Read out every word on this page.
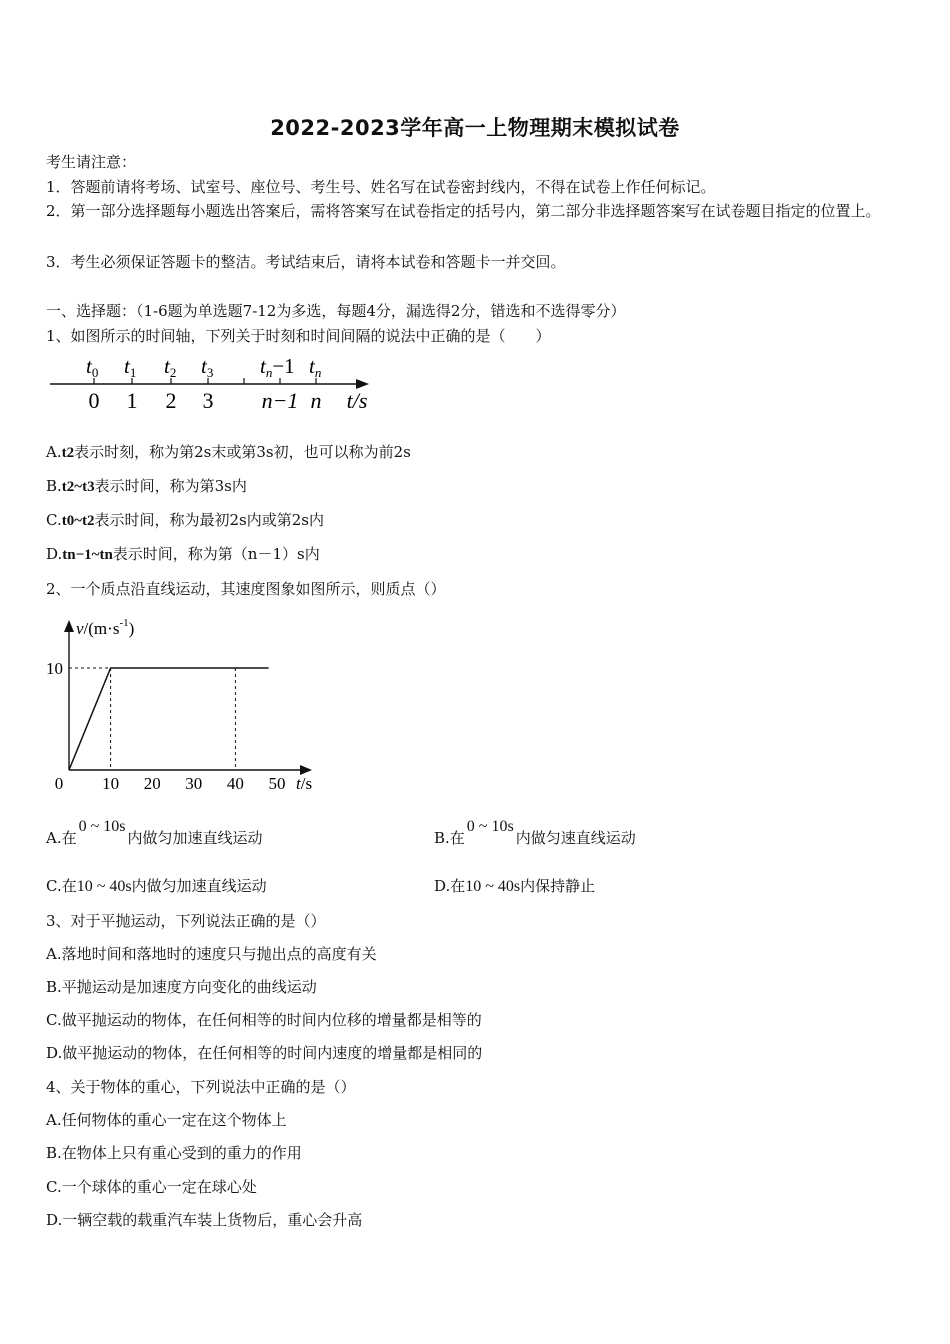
2022-2023学年高一上物理期末模拟试卷
考生请注意：
1．答题前请将考场、试室号、座位号、考生号、姓名写在试卷密封线内，不得在试卷上作任何标记。
2．第一部分选择题每小题选出答案后，需将答案写在试卷指定的括号内，第二部分非选择题答案写在试卷题目指定的位置上。
3．考生必须保证答题卡的整洁。考试结束后，请将本试卷和答题卡一并交回。
一、选择题：（1-6题为单选题7-12为多选，每题4分，漏选得2分，错选和不选得零分）
1、如图所示的时间轴，下列关于时刻和时间间隔的说法中正确的是（　　）
t0 t1 t2 t3 tn−1 tn
0 1 2 3 n−1 n t/s
A.t2表示时刻，称为第2s末或第3s初，也可以称为前2s
B.t2~t3表示时间，称为第3s内
C.t0~t2表示时间，称为最初2s内或第2s内
D.tn−1~tn表示时间，称为第（n－1）s内
2、一个质点沿直线运动，其速度图象如图所示，则质点（）
$v/(m\cdot s^{-1})$
t/s
0 10 20 30 40 50
10
A.在0 ~ 10s内做匀加速直线运动	B.在0 ~ 10s内做匀速直线运动
C.在10 ~ 40s内做匀加速直线运动	D.在10 ~ 40s内保持静止
3、对于平抛运动，下列说法正确的是（）
A.落地时间和落地时的速度只与抛出点的高度有关
B.平抛运动是加速度方向变化的曲线运动
C.做平抛运动的物体，在任何相等的时间内位移的增量都是相等的
D.做平抛运动的物体，在任何相等的时间内速度的增量都是相同的
4、关于物体的重心，下列说法中正确的是（）
A.任何物体的重心一定在这个物体上
B.在物体上只有重心受到的重力的作用
C.一个球体的重心一定在球心处
D.一辆空载的载重汽车装上货物后，重心会升高
